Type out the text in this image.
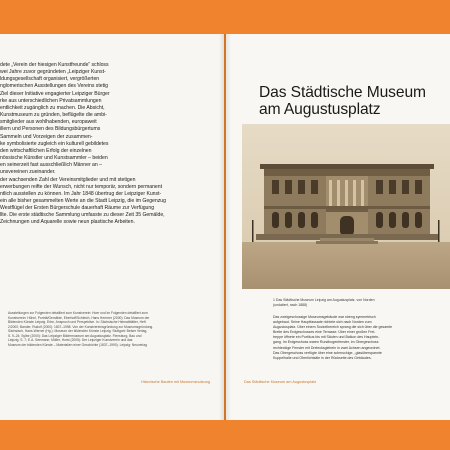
dete „Verein der hiesigen Kunstfreunde“ schloss
wei Jahre zuvor gegründeten „Leipziger Kunst-
ldungsgesellschaft organisiert, vergrößerten
nglomerischen Ausstellungen des Vereins stetig
Ziel dieser Initiative engagierter Leipziger Bürger
rke aus unterschiedlichen Privatsammlungen
entlichkeit zugänglich zu machen. Die Absicht,
Kunstmuseum zu gründen, beflügelte die ambi-
smitglieder aus wohlhabenden, europaweit
illern und Personen des Bildungsbürgertums
Sammeln und Vorzeigen der zusammen-
ke symbolisierte zugleich ein kulturell gebildetes
den wirtschaftlichen Erfolg der einzelnen
nössische Künstler und Kunstsammler – beiden
en seinerzeit fast ausschließlich Männer an –
unsvereinen zueinander.
der wachsenden Zahl der Vereinsmitglieder und mit stetigen
erwerbungen reifte der Wunsch, nicht nur temporär, sondern permanent
ntlich ausstellen zu können. Im Jahr 1848 übertrug der Leipziger Kunst-
ein alle bisher gesammelten Werte an die Stadt Leipzig, die im Gegenzug
Westflügel der Ersten Bürgerschule dauerhaft Räume zur Verfügung
llte. Die erste städtische Sammlung umfasste zu dieser Zeit 35 Gemälde,
Zeichnungen und Aquarelle sowie neun plastische Arbeiten.
Ausstellungen zur Folgenden detailliert zum Kunstverein: Hoer und im Folgenden detailliert zum
Kunstverein: Hühnl, Porträt/Gemälde, Eberhoff/Schleich, Hans Herrmer (2000): Das Museum der
Bildenden Künste Leipzig. Erbe, Anspruch und Perspektive. In: Sächsische Heimatblätter, Heft
2/2000; Bander, Rudolf (2000): 1837–1998. Von der Kunstvereinsgründung zur Museumsgründung.
Sächsisch, Hans-Werner (Hg.): Museum der bildenden Künste Leipzig. Stuttgart: Belser Verlag,
S. 9–24; Sylbe (2000): Das Leipziger Bildermuseum am Augustusplatz. Flensburg, Bau und
Leipzig. S. 7; E.A. Seemann; Müller, Horst (2005): Der Leipziger Kunstverein und das
Museum der bildenden Künste – Materialien einer Geschichte (1837–1990). Leipzig: Neuverlag
Historische Bauten mit Museumsnutzung
Das Städtische Museum
am Augustusplatz
1 Das Städtische Museum Leipzig am Augustusplatz, von Norden
(undatiert, nach 1888)
Das zweigeschossige Museumsgebäude war streng symmetrisch
aufgebaut. Seine Hauptfassade richtete sich nach Norden zum
Augustusplatz. Über einem Sockelbereich sprang die sich über die gesamte
Breite des Erdgeschosses eine Terrasse. Über einer großen Frei-
treppe öffnete ein Portikus bis mit Säulen und Balkon des Hauptein-
gang. Im Erdgeschoss waren Rundbogenfenster, im Obergeschoss
rechteckige Fenster mit Dreiecksgiebeln in zwei Achsen angeordnet.
Das Obergeschoss verfügte über eine schmuckige, „glasüberspannte
Kuppelhalle und Oberlichtsäle in der Rückseite des Gebäudes.
Das Städtische Museum am Augustusplatz
